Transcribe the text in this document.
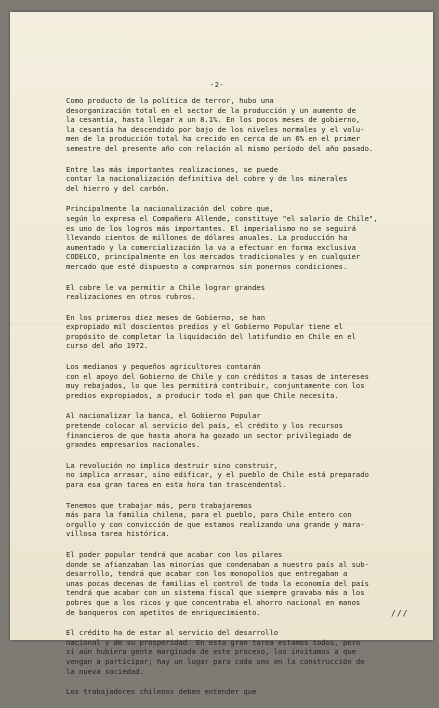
-2-

Como producto de la política de terror, hubo una
desorganización total en el sector de la producción y un aumento de
la cesantía, hasta llegar a un 8.1%. En los pocos meses de gobierno,
la cesantía ha descendido por bajo de los niveles normales y el volu-
men de la producción total ha crecido en cerca de un 6% en el primer
semestre del presente año con relación al mismo período del año pasado.

Entre las más importantes realizaciones, se puede
contar la nacionalización definitiva del cobre y de los minerales
del hierro y del carbón.

Principalmente la nacionalización del cobre que,
según lo expresa el Compañero Allende, constituye "el salario de Chile",
es uno de los logros más importantes. El imperialismo no se seguirá
llevando cientos de millones de dólares anuales. La producción ha
aumentado y la comercialización la va a efectuar en forma exclusiva
CODELCO, principalmente en los mercados tradicionales y en cualquier
mercado que esté dispuesto a comprarnos sin ponernos condiciones.

El cobre le va permitir a Chile lograr grandes
realizaciones en otros rubros.

En los primeros diez meses de Gobierno, se han
expropiado mil doscientos predios y el Gobierno Popular tiene el
propósito de completar la liquidación del latifundio en Chile en el
curso del año 1972.

Los medianos y pequeños agricultores contarán
con el apoyo del Gobierno de Chile y con créditos a tasas de intereses
muy rebajados, lo que les permitirá contribuir, conjuntamente con los
predios expropiados, a producir todo el pan que Chile necesita.

Al nacionalizar la banca, el Gobierno Popular
pretende colocar al servicio del país, el crédito y los recursos
financieros de que hasta ahora ha gozado un sector privilegiado de
grandes empresarios nacionales.

La revolución no implica destruir sino construir,
no implica arrasar, sino edificar, y el pueblo de Chile está preparado
para esa gran tarea en esta hora tan trascendental.

Tenemos que trabajar más, pero trabajaremos
más para la familia chilena, para el pueblo, para Chile entero con
orgullo y con convicción de que estamos realizando una grande y mara-
villosa tarea histórica.

El poder popular tendrá que acabar con los pilares
donde se afianzaban las minorías que condenaban a nuestro país al sub-
desarrollo, tendrá que acabar con los monopolios que entregaban a
unas pocas decenas de familias el control de toda la economía del país
tendrá que acabar con un sistema fiscal que siempre gravaba más a los
pobres que a los ricos y que concentraba el ahorro nacional en manos
de banqueros con apetitos de enriquecimiento.

El crédito ha de estar al servicio del desarrollo
nacional y de su prosperidad. En esta gran tarea estamos todos, pero
si aún hubiera gente marginada de este proceso, los invitamos a que
vengan a participar; hay un lugar para cada uno en la construcción de
la nueva sociedad.

Los trabajadores chilenos deben entender que

///
